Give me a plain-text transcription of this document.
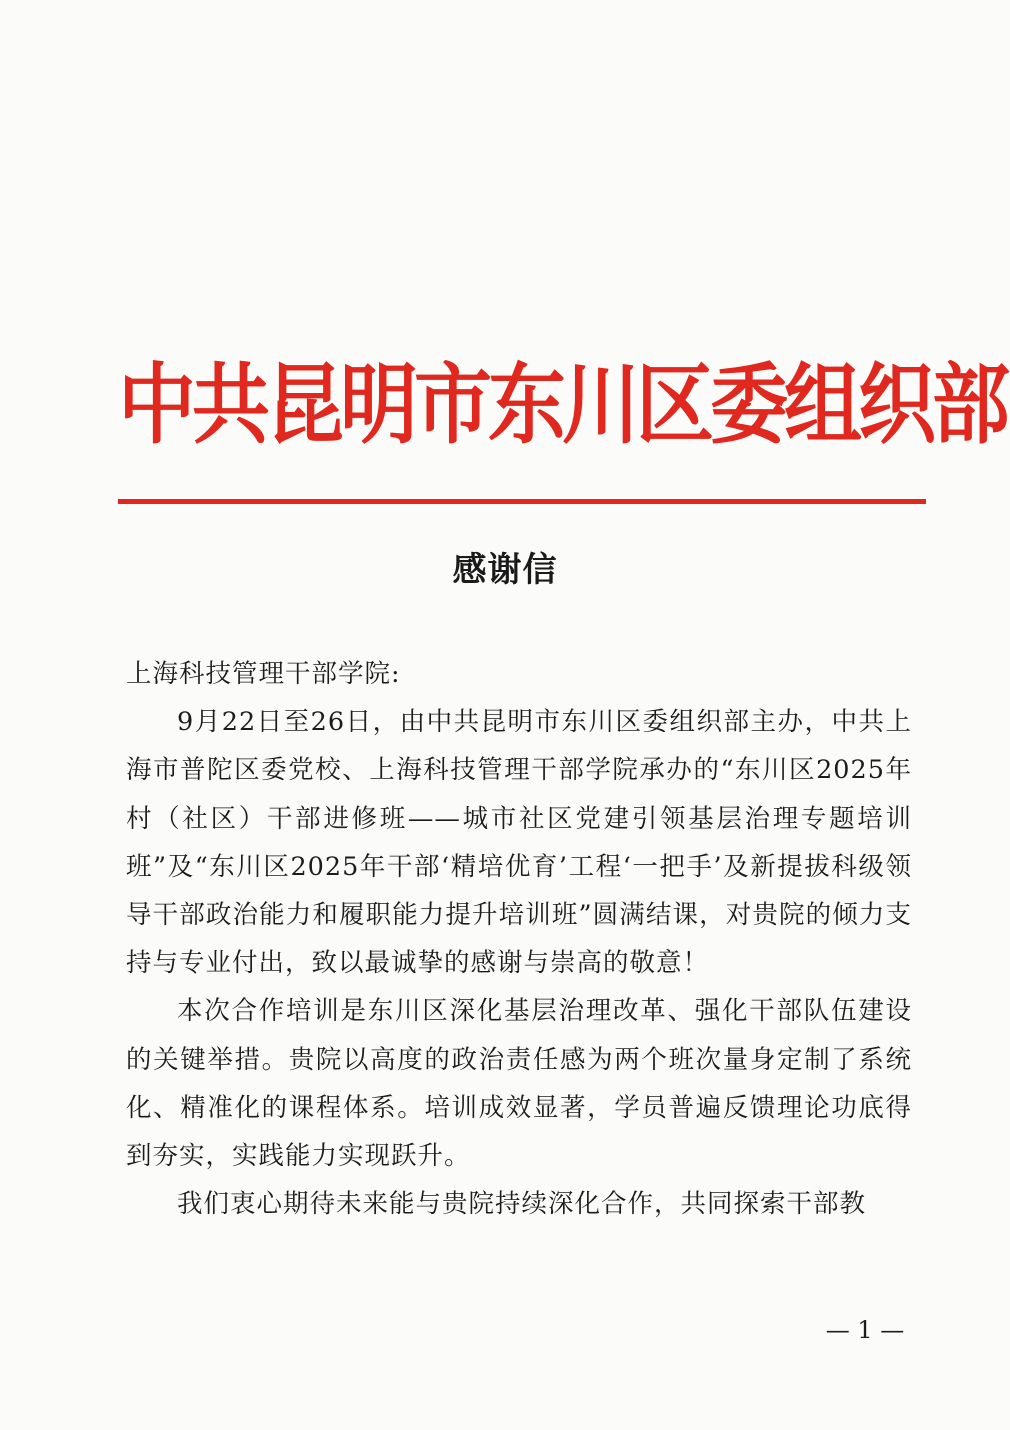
中共昆明市东川区委组织部
感谢信

上海科技管理干部学院:

9月22日至26日，由中共昆明市东川区委组织部主办，中共上海市普陀区委党校、上海科技管理干部学院承办的“东川区2025年村（社区）干部进修班——城市社区党建引领基层治理专题培训班”及“东川区2025年干部‘精培优育’工程‘一把手’及新提拔科级领导干部政治能力和履职能力提升培训班”圆满结课，对贵院的倾力支持与专业付出，致以最诚挚的感谢与崇高的敬意！

本次合作培训是东川区深化基层治理改革、强化干部队伍建设的关键举措。贵院以高度的政治责任感为两个班次量身定制了系统化、精准化的课程体系。培训成效显著，学员普遍反馈理论功底得到夯实，实践能力实现跃升。

我们衷心期待未来能与贵院持续深化合作，共同探索干部教

— 1 —
